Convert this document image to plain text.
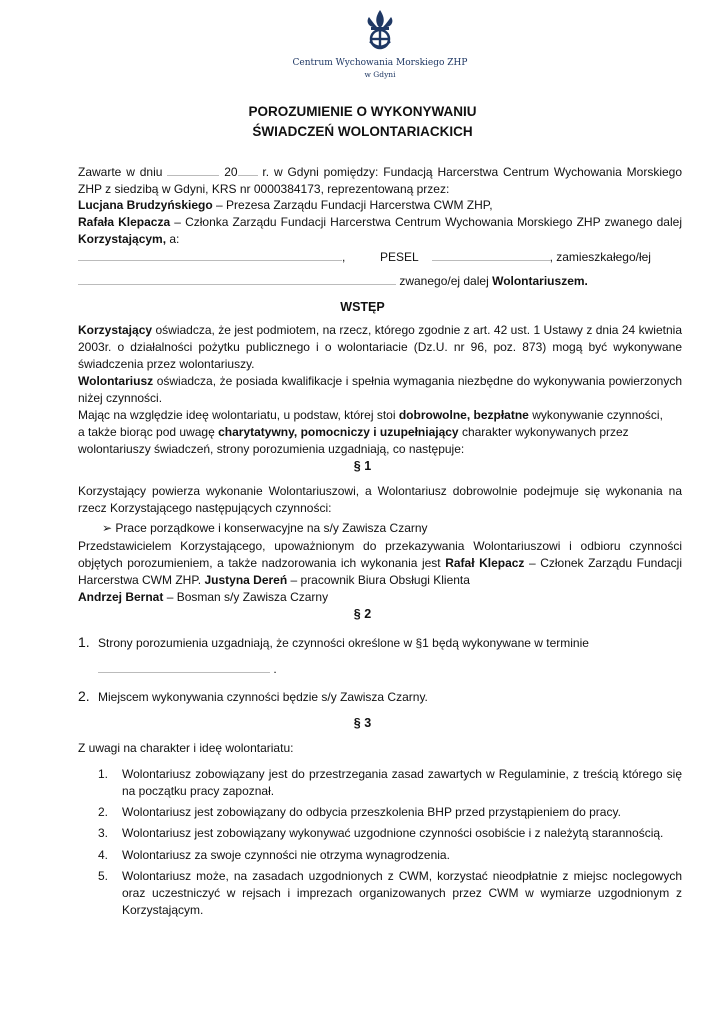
Centrum Wychowania Morskiego ZHP
w Gdyni
POROZUMIENIE O WYKONYWANIU
ŚWIADCZEŃ WOLONTARIACKICH
Zawarte w dniu	20 r. w Gdyni pomiędzy: Fundacją Harcerstwa Centrum Wychowania Morskiego ZHP z siedzibą w Gdyni, KRS nr 0000384173, reprezentowaną przez:
Lucjana Brudzyńskiego – Prezesa Zarządu Fundacji Harcerstwa CWM ZHP,
Rafała Klepacza – Członka Zarządu Fundacji Harcerstwa Centrum Wychowania Morskiego ZHP zwanego dalej Korzystającym, a:
,	PESEL	, zamieszkałego/łej
zwanego/ej dalej Wolontariuszem.
WSTĘP
Korzystający oświadcza, że jest podmiotem, na rzecz, którego zgodnie z art. 42 ust. 1 Ustawy z dnia 24 kwietnia 2003r. o działalności pożytku publicznego i o wolontariacie (Dz.U. nr 96, poz. 873) mogą być wykonywane świadczenia przez wolontariuszy.
Wolontariusz oświadcza, że posiada kwalifikacje i spełnia wymagania niezbędne do wykonywania powierzonych niżej czynności.
Mając na względzie ideę wolontariatu, u podstaw, której stoi dobrowolne, bezpłatne wykonywanie czynności,
a także biorąc pod uwagę charytatywny, pomocniczy i uzupełniający charakter wykonywanych przez
wolontariuszy świadczeń, strony porozumienia uzgadniają, co następuje:
§ 1
Korzystający powierza wykonanie Wolontariuszowi, a Wolontariusz dobrowolnie podejmuje się wykonania na rzecz Korzystającego następujących czynności:
➢ Prace porządkowe i konserwacyjne na s/y Zawisza Czarny
Przedstawicielem Korzystającego, upoważnionym do przekazywania Wolontariuszowi i odbioru czynności objętych porozumieniem, a także nadzorowania ich wykonania jest Rafał Klepacz – Członek Zarządu Fundacji Harcerstwa CWM ZHP. Justyna Dereń – pracownik Biura Obsługi Klienta
Andrzej Bernat – Bosman s/y Zawisza Czarny
§ 2
1. Strony porozumienia uzgadniają, że czynności określone w §1 będą wykonywane w terminie
.
2. Miejscem wykonywania czynności będzie s/y Zawisza Czarny.
§ 3
Z uwagi na charakter i ideę wolontariatu:
1. Wolontariusz zobowiązany jest do przestrzegania zasad zawartych w Regulaminie, z treścią którego się na początku pracy zapoznał.
2. Wolontariusz jest zobowiązany do odbycia przeszkolenia BHP przed przystąpieniem do pracy.
3. Wolontariusz jest zobowiązany wykonywać uzgodnione czynności osobiście i z należytą starannością.
4. Wolontariusz za swoje czynności nie otrzyma wynagrodzenia.
5. Wolontariusz może, na zasadach uzgodnionych z CWM, korzystać nieodpłatnie z miejsc noclegowych oraz uczestniczyć w rejsach i imprezach organizowanych przez CWM w wymiarze uzgodnionym z Korzystającym.
